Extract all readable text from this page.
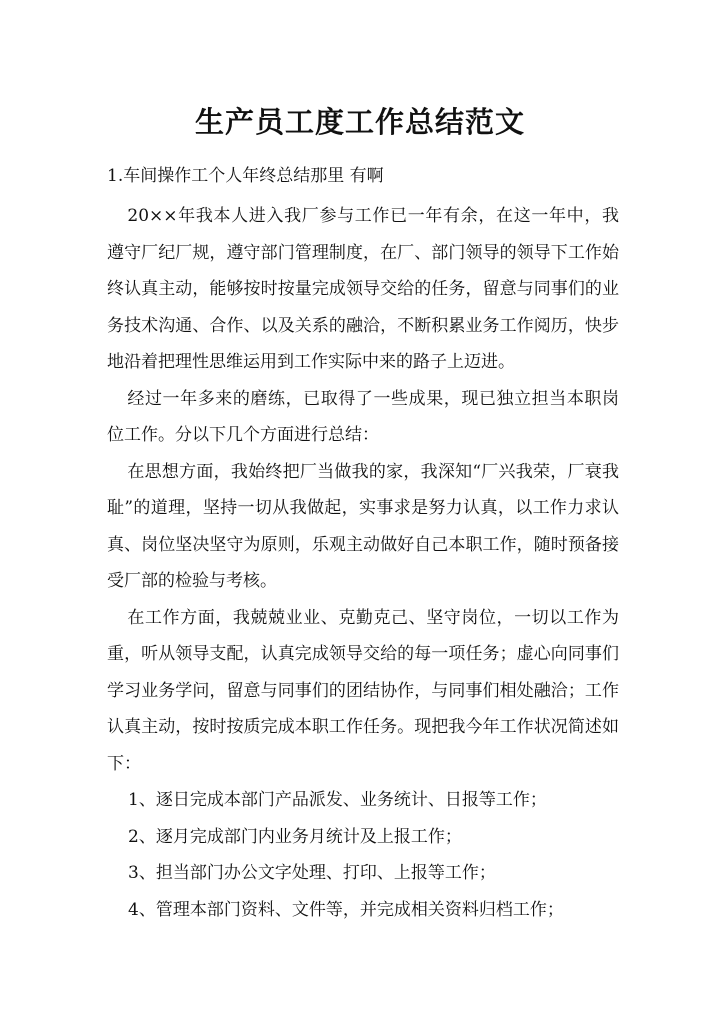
生产员工度工作总结范文
1.车间操作工个人年终总结那里 有啊

20××年我本人进入我厂参与工作已一年有余，在这一年中，我遵守厂纪厂规，遵守部门管理制度，在厂、部门领导的领导下工作始终认真主动，能够按时按量完成领导交给的任务，留意与同事们的业务技术沟通、合作、以及关系的融洽，不断积累业务工作阅历，快步地沿着把理性思维运用到工作实际中来的路子上迈进。

经过一年多来的磨练，已取得了一些成果，现已独立担当本职岗位工作。分以下几个方面进行总结：

在思想方面，我始终把厂当做我的家，我深知“厂兴我荣，厂衰我耻”的道理，坚持一切从我做起，实事求是努力认真，以工作力求认真、岗位坚决坚守为原则，乐观主动做好自己本职工作，随时预备接受厂部的检验与考核。

在工作方面，我兢兢业业、克勤克己、坚守岗位，一切以工作为重，听从领导支配，认真完成领导交给的每一项任务；虚心向同事们学习业务学问，留意与同事们的团结协作，与同事们相处融洽；工作认真主动，按时按质完成本职工作任务。现把我今年工作状况简述如下：

1、逐日完成本部门产品派发、业务统计、日报等工作；

2、逐月完成部门内业务月统计及上报工作；

3、担当部门办公文字处理、打印、上报等工作；

4、管理本部门资料、文件等，并完成相关资料归档工作；
